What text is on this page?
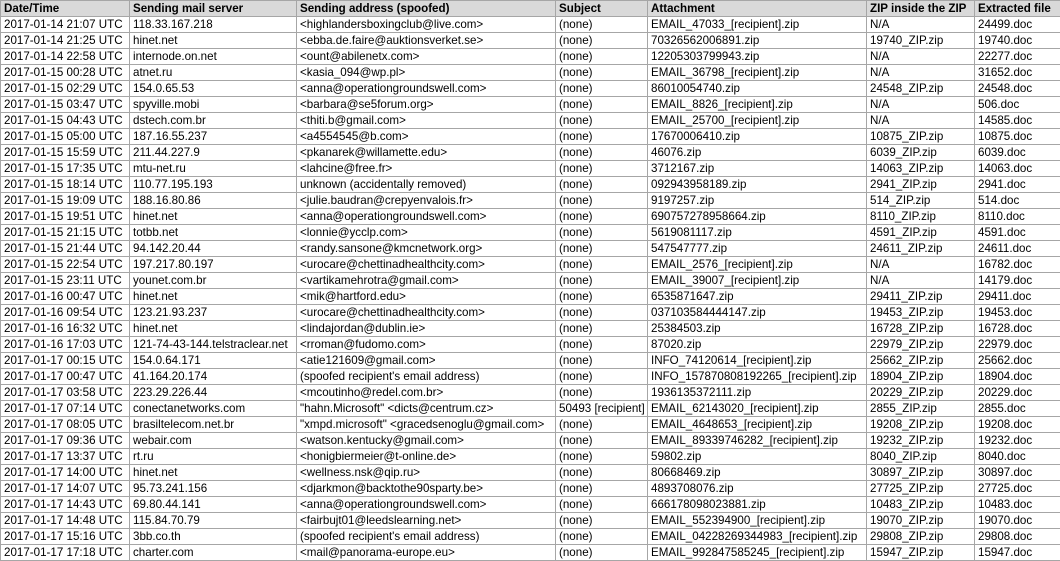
Date/Time	Sending mail server	Sending address (spoofed)	Subject	Attachment	ZIP inside the ZIP	Extracted file
2017-01-14 21:07 UTC	118.33.167.218	<highlandersboxingclub@live.com>	(none)	EMAIL_47033_[recipient].zip	N/A	24499.doc
2017-01-14 21:25 UTC	hinet.net	<ebba.de.faire@auktionsverket.se>	(none)	70326562006891.zip	19740_ZIP.zip	19740.doc
2017-01-14 22:58 UTC	internode.on.net	<ount@abilenetx.com>	(none)	12205303799943.zip	N/A	22277.doc
2017-01-15 00:28 UTC	atnet.ru	<kasia_094@wp.pl>	(none)	EMAIL_36798_[recipient].zip	N/A	31652.doc
2017-01-15 02:29 UTC	154.0.65.53	<anna@operationgroundswell.com>	(none)	86010054740.zip	24548_ZIP.zip	24548.doc
2017-01-15 03:47 UTC	spyville.mobi	<barbara@se5forum.org>	(none)	EMAIL_8826_[recipient].zip	N/A	506.doc
2017-01-15 04:43 UTC	dstech.com.br	<thiti.b@gmail.com>	(none)	EMAIL_25700_[recipient].zip	N/A	14585.doc
2017-01-15 05:00 UTC	187.16.55.237	<a4554545@b.com>	(none)	17670006410.zip	10875_ZIP.zip	10875.doc
2017-01-15 15:59 UTC	211.44.227.9	<pkanarek@willamette.edu>	(none)	46076.zip	6039_ZIP.zip	6039.doc
2017-01-15 17:35 UTC	mtu-net.ru	<lahcine@free.fr>	(none)	3712167.zip	14063_ZIP.zip	14063.doc
2017-01-15 18:14 UTC	110.77.195.193	unknown (accidentally removed)	(none)	092943958189.zip	2941_ZIP.zip	2941.doc
2017-01-15 19:09 UTC	188.16.80.86	<julie.baudran@crepyenvalois.fr>	(none)	9197257.zip	514_ZIP.zip	514.doc
2017-01-15 19:51 UTC	hinet.net	<anna@operationgroundswell.com>	(none)	690757278958664.zip	8110_ZIP.zip	8110.doc
2017-01-15 21:15 UTC	totbb.net	<lonnie@ycclp.com>	(none)	5619081117.zip	4591_ZIP.zip	4591.doc
2017-01-15 21:44 UTC	94.142.20.44	<randy.sansone@kmcnetwork.org>	(none)	547547777.zip	24611_ZIP.zip	24611.doc
2017-01-15 22:54 UTC	197.217.80.197	<urocare@chettinadhealthcity.com>	(none)	EMAIL_2576_[recipient].zip	N/A	16782.doc
2017-01-15 23:11 UTC	younet.com.br	<vartikamehrotra@gmail.com>	(none)	EMAIL_39007_[recipient].zip	N/A	14179.doc
2017-01-16 00:47 UTC	hinet.net	<mik@hartford.edu>	(none)	6535871647.zip	29411_ZIP.zip	29411.doc
2017-01-16 09:54 UTC	123.21.93.237	<urocare@chettinadhealthcity.com>	(none)	037103584444147.zip	19453_ZIP.zip	19453.doc
2017-01-16 16:32 UTC	hinet.net	<lindajordan@dublin.ie>	(none)	25384503.zip	16728_ZIP.zip	16728.doc
2017-01-16 17:03 UTC	121-74-43-144.telstraclear.net	<rroman@fudomo.com>	(none)	87020.zip	22979_ZIP.zip	22979.doc
2017-01-17 00:15 UTC	154.0.64.171	<atie121609@gmail.com>	(none)	INFO_74120614_[recipient].zip	25662_ZIP.zip	25662.doc
2017-01-17 00:47 UTC	41.164.20.174	(spoofed recipient's email address)	(none)	INFO_157870808192265_[recipient].zip	18904_ZIP.zip	18904.doc
2017-01-17 03:58 UTC	223.29.226.44	<mcoutinho@redel.com.br>	(none)	1936135372111.zip	20229_ZIP.zip	20229.doc
2017-01-17 07:14 UTC	conectanetworks.com	"hahn.Microsoft" <dicts@centrum.cz>	50493 [recipient]	EMAIL_62143020_[recipient].zip	2855_ZIP.zip	2855.doc
2017-01-17 08:05 UTC	brasiltelecom.net.br	"xmpd.microsoft" <gracedsenoglu@gmail.com>	(none)	EMAIL_4648653_[recipient].zip	19208_ZIP.zip	19208.doc
2017-01-17 09:36 UTC	webair.com	<watson.kentucky@gmail.com>	(none)	EMAIL_89339746282_[recipient].zip	19232_ZIP.zip	19232.doc
2017-01-17 13:37 UTC	rt.ru	<honigbiermeier@t-online.de>	(none)	59802.zip	8040_ZIP.zip	8040.doc
2017-01-17 14:00 UTC	hinet.net	<wellness.nsk@qip.ru>	(none)	80668469.zip	30897_ZIP.zip	30897.doc
2017-01-17 14:07 UTC	95.73.241.156	<djarkmon@backtothe90sparty.be>	(none)	4893708076.zip	27725_ZIP.zip	27725.doc
2017-01-17 14:43 UTC	69.80.44.141	<anna@operationgroundswell.com>	(none)	666178098023881.zip	10483_ZIP.zip	10483.doc
2017-01-17 14:48 UTC	115.84.70.79	<fairbujt01@leedslearning.net>	(none)	EMAIL_552394900_[recipient].zip	19070_ZIP.zip	19070.doc
2017-01-17 15:16 UTC	3bb.co.th	(spoofed recipient's email address)	(none)	EMAIL_04228269344983_[recipient].zip	29808_ZIP.zip	29808.doc
2017-01-17 17:18 UTC	charter.com	<mail@panorama-europe.eu>	(none)	EMAIL_992847585245_[recipient].zip	15947_ZIP.zip	15947.doc
